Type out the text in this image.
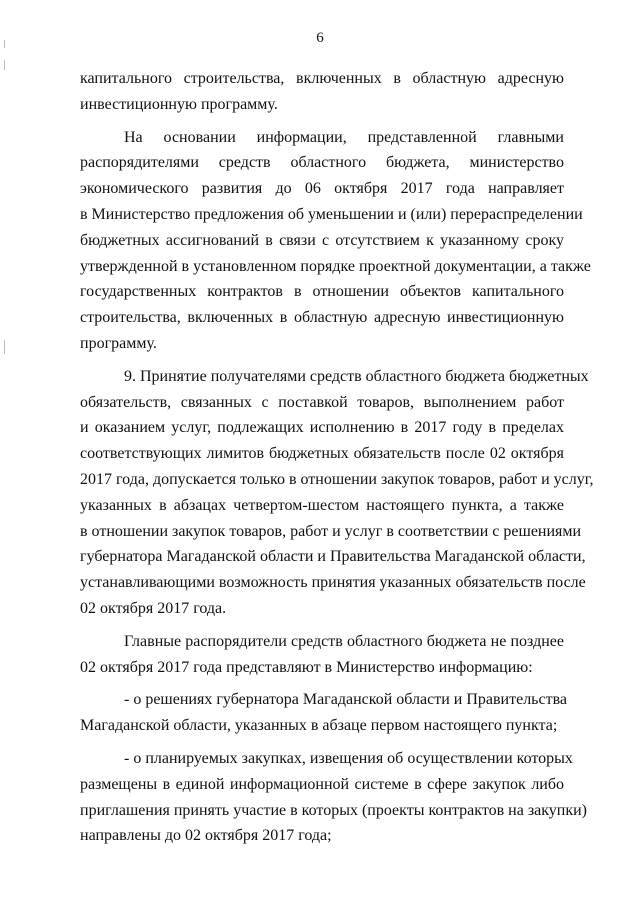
6
капитального строительства, включенных в областную адресную
инвестиционную программу.
На основании информации, представленной главными
распорядителями средств областного бюджета, министерство
экономического развития до 06 октября 2017 года направляет
в Министерство предложения об уменьшении и (или) перераспределении
бюджетных ассигнований в связи с отсутствием к указанному сроку
утвержденной в установленном порядке проектной документации, а также
государственных контрактов в отношении объектов капитального
строительства, включенных в областную адресную инвестиционную
программу.
9. Принятие получателями средств областного бюджета бюджетных
обязательств, связанных с поставкой товаров, выполнением работ
и оказанием услуг, подлежащих исполнению в 2017 году в пределах
соответствующих лимитов бюджетных обязательств после 02 октября
2017 года, допускается только в отношении закупок товаров, работ и услуг,
указанных в абзацах четвертом-шестом настоящего пункта, а также
в отношении закупок товаров, работ и услуг в соответствии с решениями
губернатора Магаданской области и Правительства Магаданской области,
устанавливающими возможность принятия указанных обязательств после
02 октября 2017 года.
Главные распорядители средств областного бюджета не позднее
02 октября 2017 года представляют в Министерство информацию:
- о решениях губернатора Магаданской области и Правительства
Магаданской области, указанных в абзаце первом настоящего пункта;
- о планируемых закупках, извещения об осуществлении которых
размещены в единой информационной системе в сфере закупок либо
приглашения принять участие в которых (проекты контрактов на закупки)
направлены до 02 октября 2017 года;
